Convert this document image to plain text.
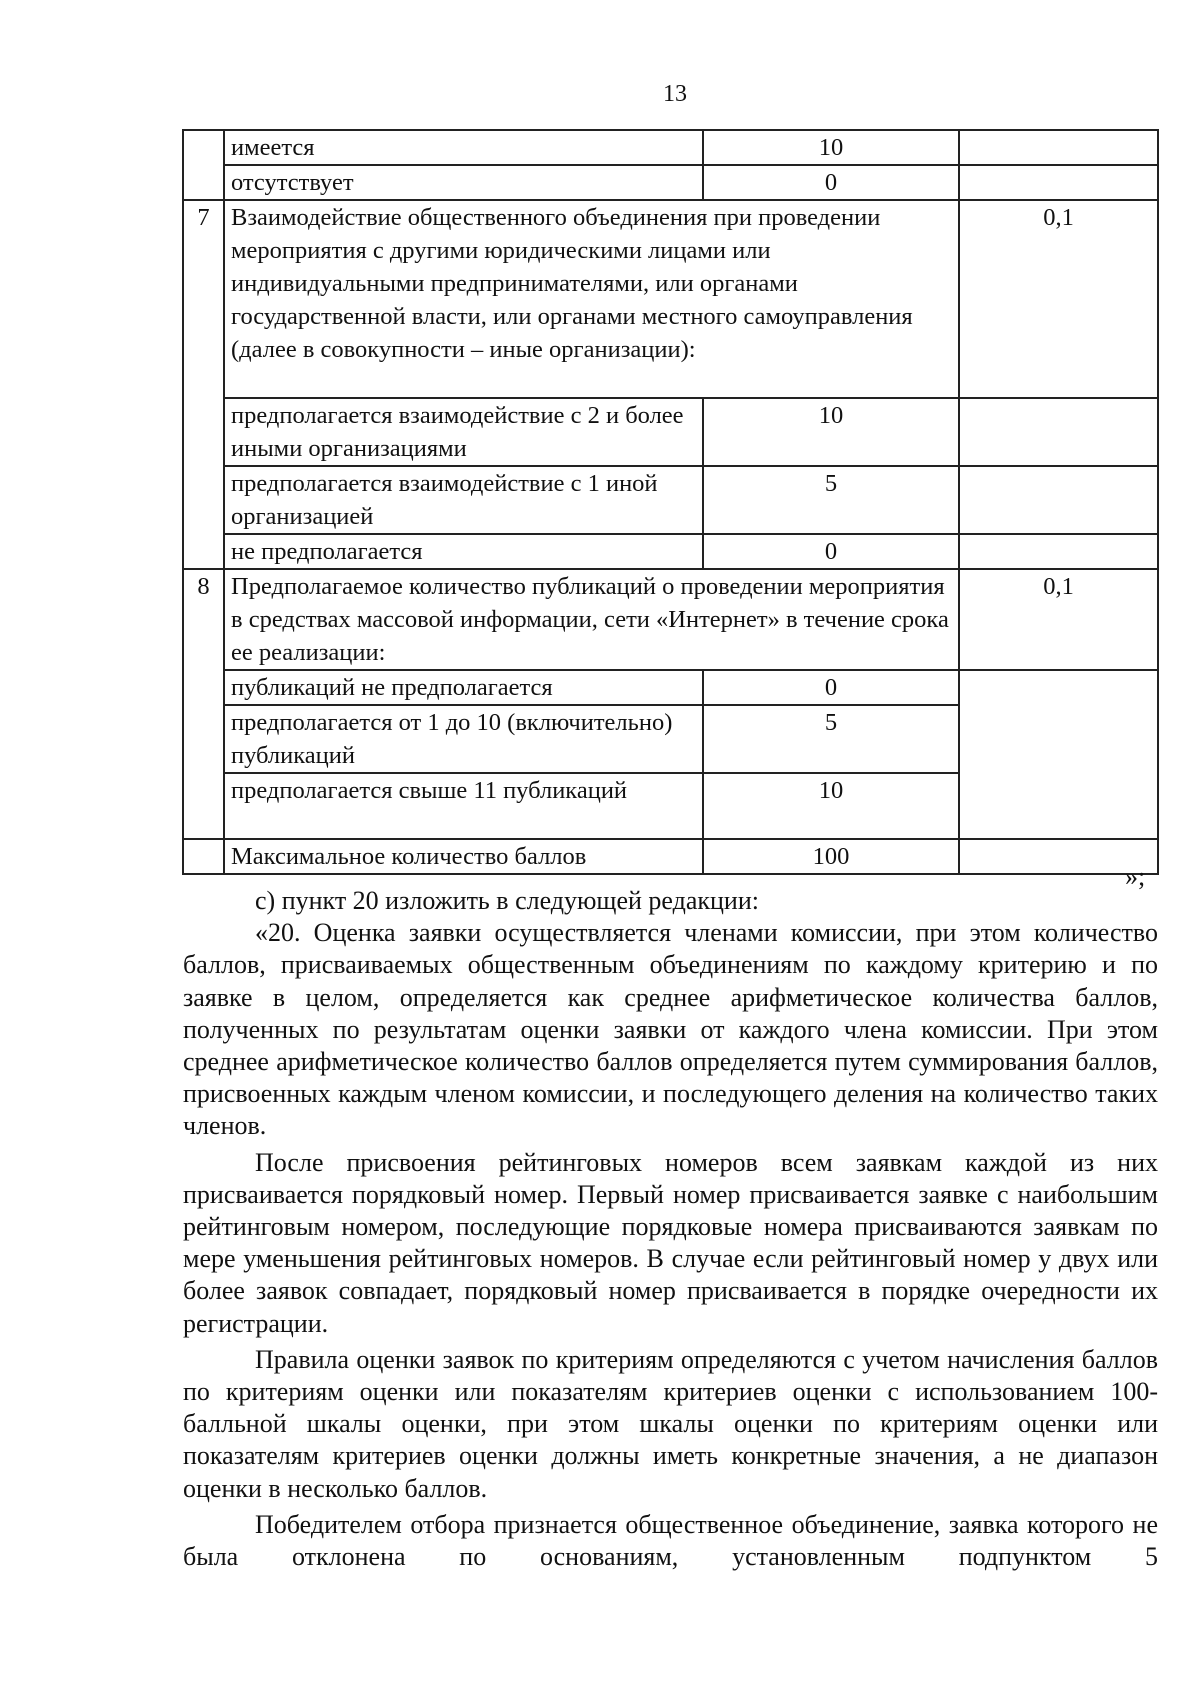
13
	имеется	10	
	отсутствует	0	
7	Взаимодействие общественного объединения при проведении мероприятия с другими юридическими лицами или индивидуальными предпринимателями, или органами государственной власти, или органами местного самоуправления (далее в совокупности – иные организации):		0,1
	предполагается взаимодействие с 2 и более иными организациями	10	
	предполагается взаимодействие с 1 иной организацией	5	
	не предполагается	0	
8	Предполагаемое количество публикаций о проведении мероприятия в средствах массовой информации, сети «Интернет» в течение срока ее реализации:		0,1
	публикаций не предполагается	0	
	предполагается от 1 до 10 (включительно) публикаций	5	
	предполагается свыше 11 публикаций	10	
	Максимальное количество баллов	100	
»;

с) пункт 20 изложить в следующей редакции:

«20. Оценка заявки осуществляется членами комиссии, при этом количество баллов, присваиваемых общественным объединениям по каждому критерию и по заявке в целом, определяется как среднее арифметическое количества баллов, полученных по результатам оценки заявки от каждого члена комиссии. При этом среднее арифметическое количество баллов определяется путем суммирования баллов, присвоенных каждым членом комиссии, и последующего деления на количество таких членов.

После присвоения рейтинговых номеров всем заявкам каждой из них присваивается порядковый номер. Первый номер присваивается заявке с наибольшим рейтинговым номером, последующие порядковые номера присваиваются заявкам по мере уменьшения рейтинговых номеров. В случае если рейтинговый номер у двух или более заявок совпадает, порядковый номер присваивается в порядке очередности их регистрации.

Правила оценки заявок по критериям определяются с учетом начисления баллов по критериям оценки или показателям критериев оценки с использованием 100-балльной шкалы оценки, при этом шкалы оценки по критериям оценки или показателям критериев оценки должны иметь конкретные значения, а не диапазон оценки в несколько баллов.

Победителем отбора признается общественное объединение, заявка которого не была отклонена по основаниям, установленным подпунктом 5
